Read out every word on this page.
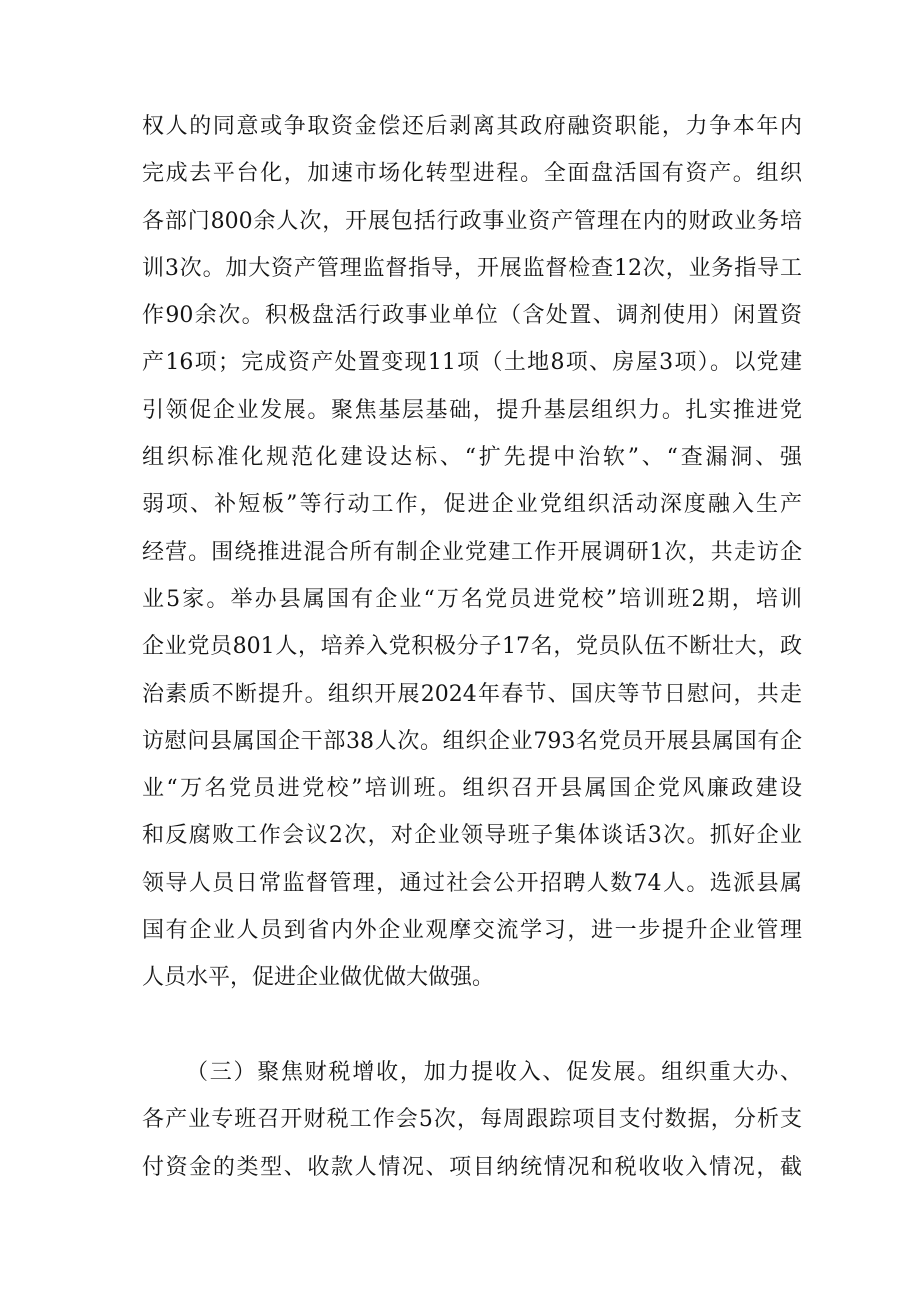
权人的同意或争取资金偿还后剥离其政府融资职能，力争本年内
完成去平台化，加速市场化转型进程。全面盘活国有资产。组织
各部门800余人次，开展包括行政事业资产管理在内的财政业务培
训3次。加大资产管理监督指导，开展监督检查12次，业务指导工
作90余次。积极盘活行政事业单位（含处置、调剂使用）闲置资
产16项；完成资产处置变现11项（土地8项、房屋3项）。以党建
引领促企业发展。聚焦基层基础，提升基层组织力。扎实推进党
组织标准化规范化建设达标、“扩先提中治软”、“查漏洞、强
弱项、补短板”等行动工作，促进企业党组织活动深度融入生产
经营。围绕推进混合所有制企业党建工作开展调研1次，共走访企
业5家。举办县属国有企业“万名党员进党校”培训班2期，培训
企业党员801人，培养入党积极分子17名，党员队伍不断壮大，政
治素质不断提升。组织开展2024年春节、国庆等节日慰问，共走
访慰问县属国企干部38人次。组织企业793名党员开展县属国有企
业“万名党员进党校”培训班。组织召开县属国企党风廉政建设
和反腐败工作会议2次，对企业领导班子集体谈话3次。抓好企业
领导人员日常监督管理，通过社会公开招聘人数74人。选派县属
国有企业人员到省内外企业观摩交流学习，进一步提升企业管理
人员水平，促进企业做优做大做强。
（三）聚焦财税增收，加力提收入、促发展。组织重大办、
各产业专班召开财税工作会5次，每周跟踪项目支付数据，分析支
付资金的类型、收款人情况、项目纳统情况和税收收入情况，截
